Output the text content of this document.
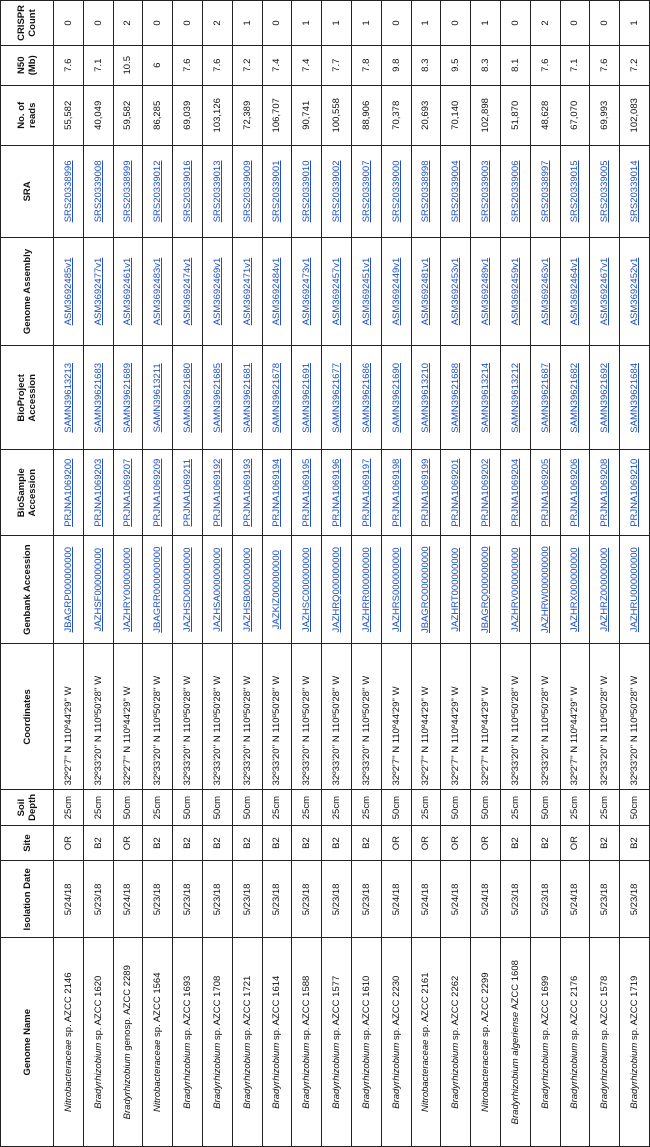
Genome Name	Isolation Date	Site	Soil Depth	Coordinates	Genbank Accession	BioSample Accession	BioProject Accession	Genome Assembly	SRA	No. of reads	N50 (Mb)	CRISPR Count
Nitrobacteraceae sp. AZCC 2146	5/24/18	OR	25cm	32º2'7'' N 110º44'29'' W	JBAGRP000000000	PRJNA1069200	SAMN39613213	ASM3692485v1	SRS20338996	55,582	7.6	0
Bradyrhizobium sp. AZCC 1620	5/23/18	B2	25cm	32º33'20'' N 110º50'28'' W	JAZHSF000000000	PRJNA1069203	SAMN39621683	ASM3692477v1	SRS20339008	40,049	7.1	0
Bradyrhizobium genosp. AZCC 2289	5/24/18	OR	50cm	32º2'7'' N 110º44'29'' W	JAZHRY000000000	PRJNA1069207	SAMN39621689	ASM3692461v1	SRS20338999	59,582	10.5	2
Nitrobacteraceae sp. AZCC 1564	5/23/18	B2	25cm	32º33'20'' N 110º50'28'' W	JBAGRR000000000	PRJNA1069209	SAMN39613211	ASM3692483v1	SRS20339012	86,285	6	0
Bradyrhizobium sp. AZCC 1693	5/23/18	B2	50cm	32º33'20'' N 110º50'28'' W	JAZHSD000000000	PRJNA1069211	SAMN39621680	ASM3692474v1	SRS20339016	69,039	7.6	0
Bradyrhizobium sp. AZCC 1708	5/23/18	B2	50cm	32º33'20'' N 110º50'28'' W	JAZHSA000000000	PRJNA1069192	SAMN39621685	ASM3692469v1	SRS20339013	103,126	7.6	2
Bradyrhizobium sp. AZCC 1721	5/23/18	B2	50cm	32º33'20'' N 110º50'28'' W	JAZHSB000000000	PRJNA1069193	SAMN39621681	ASM3692471v1	SRS20339009	72,389	7.2	1
Bradyrhizobium sp. AZCC 1614	5/23/18	B2	25cm	32º33'20'' N 110º50'28'' W	JAZKIZ000000000	PRJNA1069194	SAMN39621678	ASM3692484v1	SRS20339001	106,707	7.4	0
Bradyrhizobium sp. AZCC 1588	5/23/18	B2	25cm	32º33'20'' N 110º50'28'' W	JAZHSC000000000	PRJNA1069195	SAMN39621691	ASM3692473v1	SRS20339010	90,741	7.4	1
Bradyrhizobium sp. AZCC 1577	5/23/18	B2	25cm	32º33'20'' N 110º50'28'' W	JAZHRQ000000000	PRJNA1069196	SAMN39621677	ASM3692457v1	SRS20339002	100,558	7.7	1
Bradyrhizobium sp. AZCC 1610	5/23/18	B2	25cm	32º33'20'' N 110º50'28'' W	JAZHRR000000000	PRJNA1069197	SAMN39621686	ASM3692451v1	SRS20339007	88,906	7.8	1
Bradyrhizobium sp. AZCC 2230	5/24/18	OR	50cm	32º2'7'' N 110º44'29'' W	JAZHRS000000000	PRJNA1069198	SAMN39621690	ASM3692449v1	SRS20339000	70,378	9.8	0
Nitrobacteraceae sp. AZCC 2161	5/24/18	OR	25cm	32º2'7'' N 110º44'29'' W	JBAGRO000000000	PRJNA1069199	SAMN39613210	ASM3692481v1	SRS20338998	20,693	8.3	1
Bradyrhizobium sp. AZCC 2262	5/24/18	OR	50cm	32º2'7'' N 110º44'29'' W	JAZHRT000000000	PRJNA1069201	SAMN39621688	ASM3692453v1	SRS20339004	70,140	9.5	0
Nitrobacteraceae sp. AZCC 2299	5/24/18	OR	50cm	32º2'7'' N 110º44'29'' W	JBAGRQ000000000	PRJNA1069202	SAMN39613214	ASM3692489v1	SRS20339003	102,898	8.3	1
Bradyrhizobium algeriense AZCC 1608	5/23/18	B2	25cm	32º33'20'' N 110º50'28'' W	JAZHRV000000000	PRJNA1069204	SAMN39613212	ASM3692459v1	SRS20339006	51,870	8.1	0
Bradyrhizobium sp. AZCC 1699	5/23/18	B2	50cm	32º33'20'' N 110º50'28'' W	JAZHRW000000000	PRJNA1069205	SAMN39621687	ASM3692463v1	SRS20338997	48,628	7.6	2
Bradyrhizobium sp. AZCC 2176	5/24/18	OR	25cm	32º2'7'' N 110º44'29'' W	JAZHRX000000000	PRJNA1069206	SAMN39621682	ASM3692464v1	SRS20339015	67,070	7.1	0
Bradyrhizobium sp. AZCC 1578	5/23/18	B2	25cm	32º33'20'' N 110º50'28'' W	JAZHRZ000000000	PRJNA1069208	SAMN39621692	ASM3692467v1	SRS20339005	69,993	7.6	0
Bradyrhizobium sp. AZCC 1719	5/23/18	B2	50cm	32º33'20'' N 110º50'28'' W	JAZHRU000000000	PRJNA1069210	SAMN39621684	ASM3692452v1	SRS20339014	102,083	7.2	1
